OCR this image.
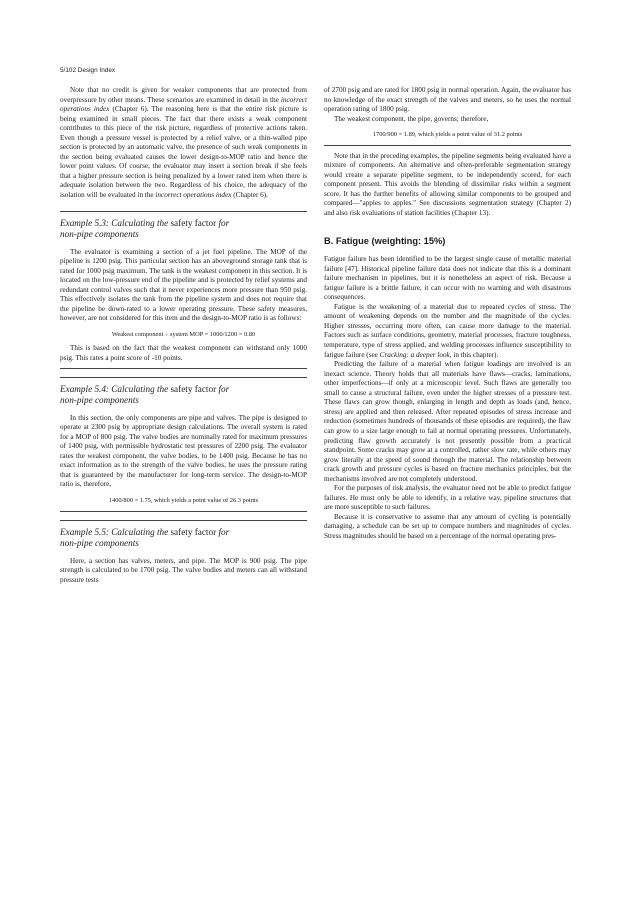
5/102 Design Index

Note that no credit is given for weaker components that are protected from overpressure by other means. These scenarios are examined in detail in the incorrect operations index (Chapter 6). The reasoning here is that the entire risk picture is being examined in small pieces. The fact that there exists a weak component contributes to this piece of the risk picture, regardless of protective actions taken. Even though a pressure vessel is protected by a relief valve, or a thin-walled pipe section is protected by an automatic valve, the presence of such weak components in the section being evaluated causes the lower design-to-MOP ratio and hence the lower point values. Of course, the evaluator may insert a section break if she feels that a higher pressure section is being penalized by a lower rated item when there is adequate isolation between the two. Regardless of his choice, the adequacy of the isolation will be evaluated in the incorrect operations index (Chapter 6).

Example 5.3: Calculating the safety factor for
non-pipe components

The evaluator is examining a section of a jet fuel pipeline. The MOP of the pipeline is 1200 psig. This particular section has an aboveground storage tank that is rated for 1000 psig maximum. The tank is the weakest component in this section. It is located on the low-pressure end of the pipeline and is protected by relief systems and redundant control valves such that it never experiences more pressure than 950 psig. This effectively isolates the tank from the pipeline system and does not require that the pipeline be down-rated to a lower operating pressure. These safety measures, however, are not considered for this item and the design-to-MOP ratio is as follows:

Weakest component ÷ system MOP = 1000/1200 = 0.80

This is based on the fact that the weakest component can withstand only 1000 psig. This rates a point score of -10 points.

Example 5.4: Calculating the safety factor for
non-pipe components

In this section, the only components are pipe and valves. The pipe is designed to operate at 2300 psig by appropriate design calculations. The overall system is rated for a MOP of 800 psig. The valve bodies are nominally rated for maximum pressures of 1400 psig, with permissible hydrostatic test pressures of 2200 psig. The evaluator rates the weakest component, the valve bodies, to be 1400 psig. Because he has no exact information as to the strength of the valve bodies, he uses the pressure rating that is guaranteed by the manufacturer for long-term service. The design-to-MOP ratio is, therefore,

1400/800 = 1.75, which yields a point value of 26.3 points

Example 5.5: Calculating the safety factor for
non-pipe components

Here, a section has valves, meters, and pipe. The MOP is 900 psig. The pipe strength is calculated to be 1700 psig. The valve bodies and meters can all withstand pressure tests

of 2700 psig and are rated for 1800 psig in normal operation. Again, the evaluator has no knowledge of the exact strength of the valves and meters, so he uses the normal operation rating of 1800 psig.

The weakest component, the pipe, governs; therefore,

1700/900 = 1.89, which yields a point value of 31.2 points

Note that in the preceding examples, the pipeline segments being evaluated have a mixture of components. An alternative and often-preferable segmentation strategy would create a separate pipeline segment, to be independently scored, for each component present. This avoids the blending of dissimilar risks within a segment score. It has the further benefits of allowing similar components to be grouped and compared—"apples to apples." See discussions segmentation strategy (Chapter 2) and also risk evaluations of station facilities (Chapter 13).

B. Fatigue (weighting: 15%)

Fatigue failure has been identified to be the largest single cause of metallic material failure [47]. Historical pipeline failure data does not indicate that this is a dominant failure mechanism in pipelines, but it is nonetheless an aspect of risk. Because a fatigue failure is a brittle failure, it can occur with no warning and with disastrous consequences.

Fatigue is the weakening of a material due to repeated cycles of stress. The amount of weakening depends on the number and the magnitude of the cycles. Higher stresses, occurring more often, can cause more damage to the material. Factors such as surface conditions, geometry, material processes, fracture toughness, temperature, type of stress applied, and welding processes influence susceptibility to fatigue failure (see Cracking: a deeper look, in this chapter).

Predicting the failure of a material when fatigue loadings are involved is an inexact science. Theory holds that all materials have flaws—cracks, laminations, other imperfections—if only at a microscopic level. Such flaws are generally too small to cause a structural failure, even under the higher stresses of a pressure test. These flaws can grow though, enlarging in length and depth as loads (and, hence, stress) are applied and then released. After repeated episodes of stress increase and reduction (sometimes hundreds of thousands of these episodes are required), the flaw can grow to a size large enough to fail at normal operating pressures. Unfortunately, predicting flaw growth accurately is not presently possible from a practical standpoint. Some cracks may grow at a controlled, rather slow rate, while others may grow literally at the speed of sound through the material. The relationship between crack growth and pressure cycles is based on fracture mechanics principles, but the mechanisms involved are not completely understood.

For the purposes of risk analysis, the evaluator need not be able to predict fatigue failures. He must only be able to identify, in a relative way, pipeline structures that are more susceptible to such failures.

Because it is conservative to assume that any amount of cycling is potentially damaging, a schedule can be set up to compare numbers and magnitudes of cycles. Stress magnitudes should be based on a percentage of the normal operating pres-
